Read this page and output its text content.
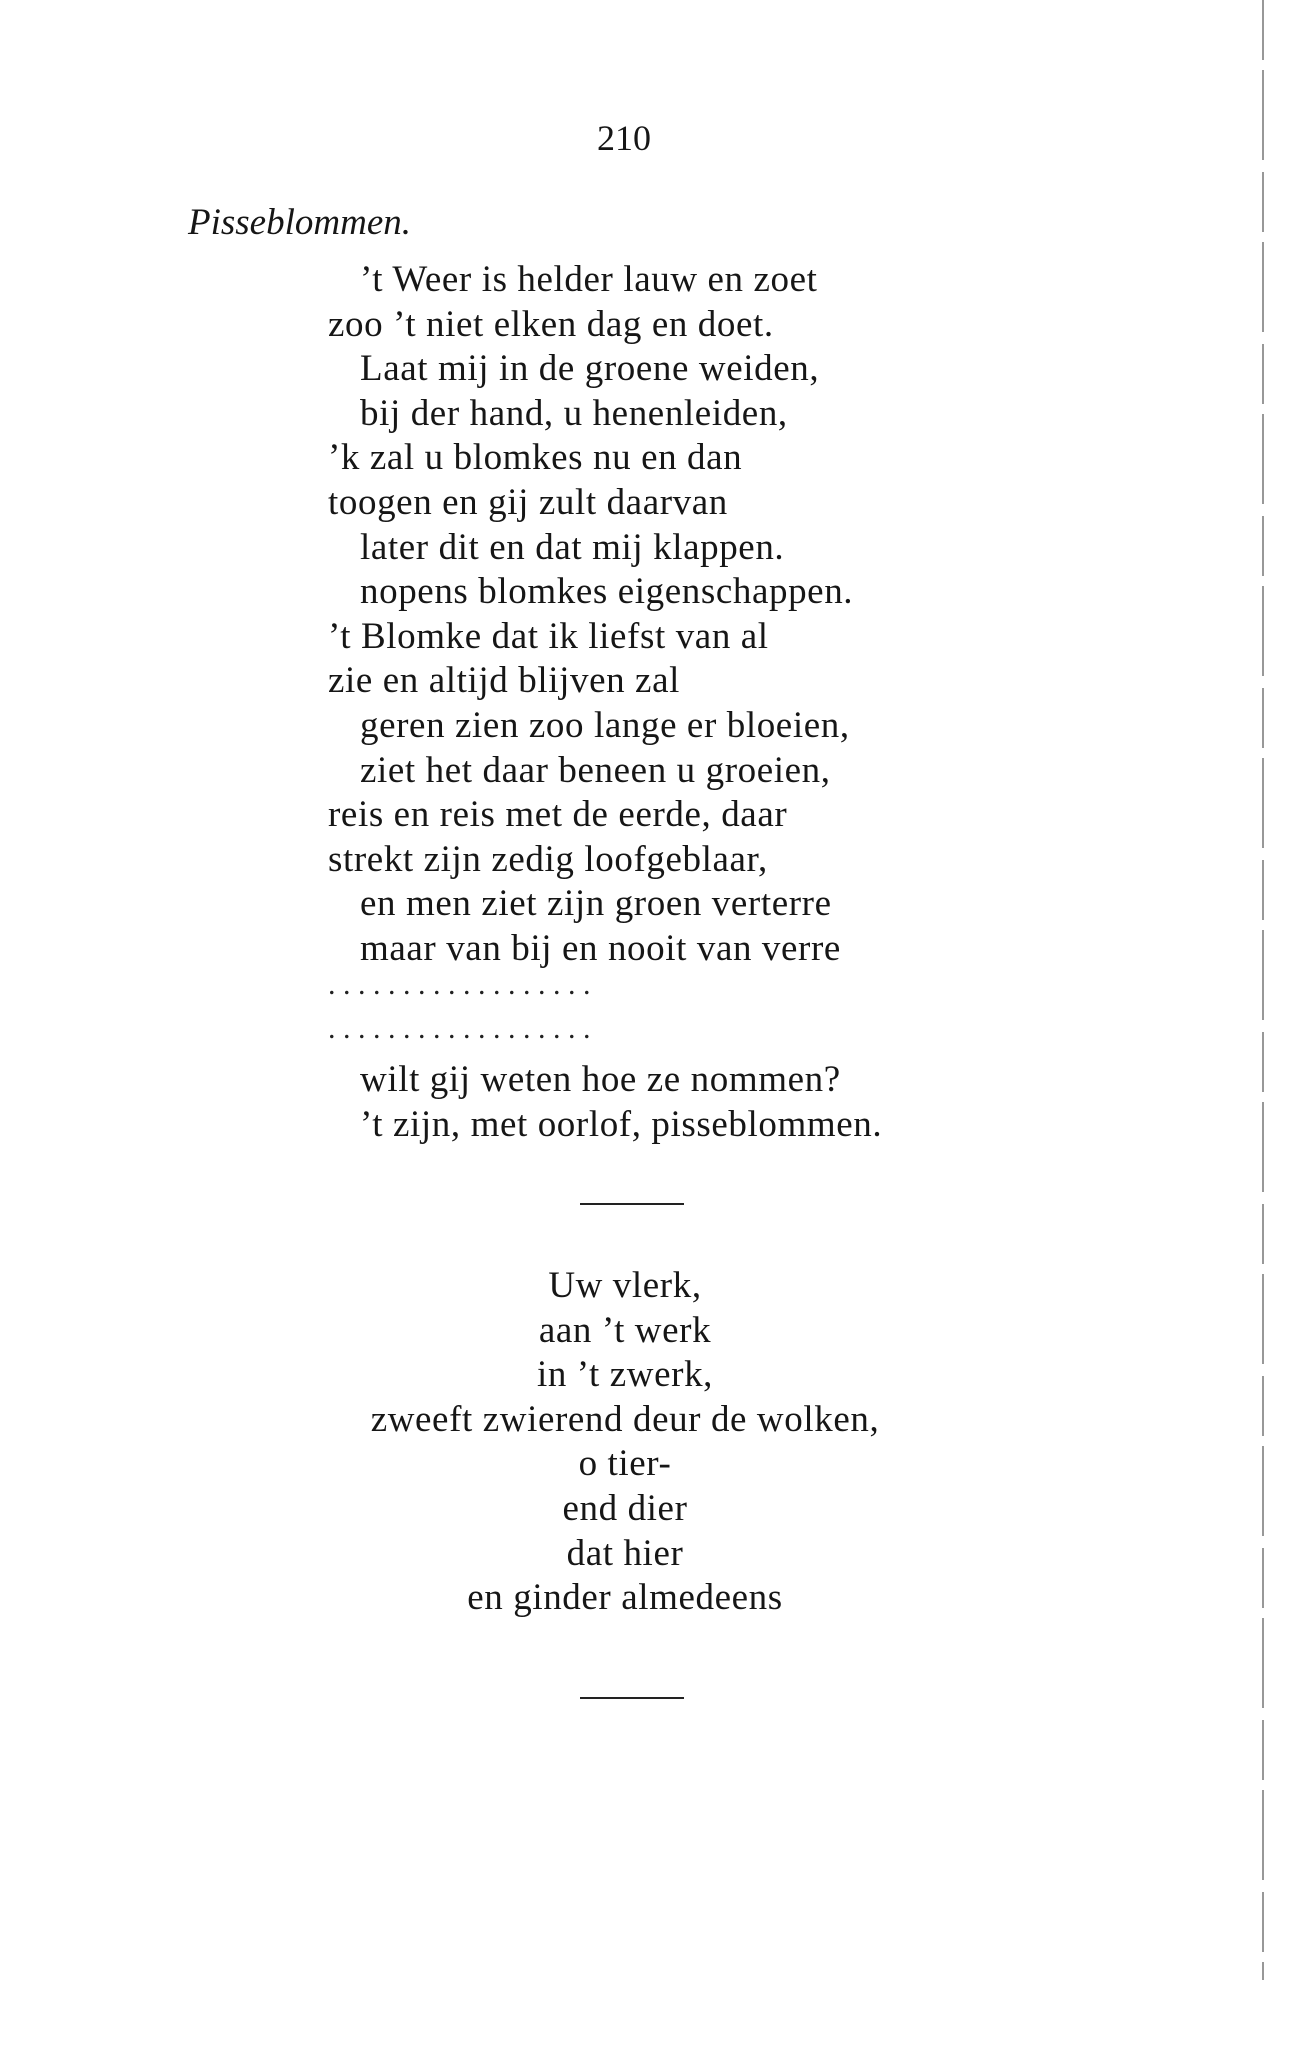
210
Pisseblommen.
’t Weer is helder lauw en zoet
zoo ’t niet elken dag en doet.
Laat mij in de groene weiden,
bij der hand, u henenleiden,
’k zal u blomkes nu en dan
toogen en gij zult daarvan
later dit en dat mij klappen.
nopens blomkes eigenschappen.
’t Blomke dat ik liefst van al
zie en altijd blijven zal
geren zien zoo lange er bloeien,
ziet het daar beneen u groeien,
reis en reis met de eerde, daar
strekt zijn zedig loofgeblaar,
en men ziet zijn groen verterre
maar van bij en nooit van verre
. . . . . . . . . . . . . . . . . .
. . . . . . . . . . . . . . . . . .
wilt gij weten hoe ze nommen?
’t zijn, met oorlof, pisseblommen.
Uw vlerk,
aan ’t werk
in ’t zwerk,
zweeft zwierend deur de wolken,
o tier-
end dier
dat hier
en ginder almedeens
